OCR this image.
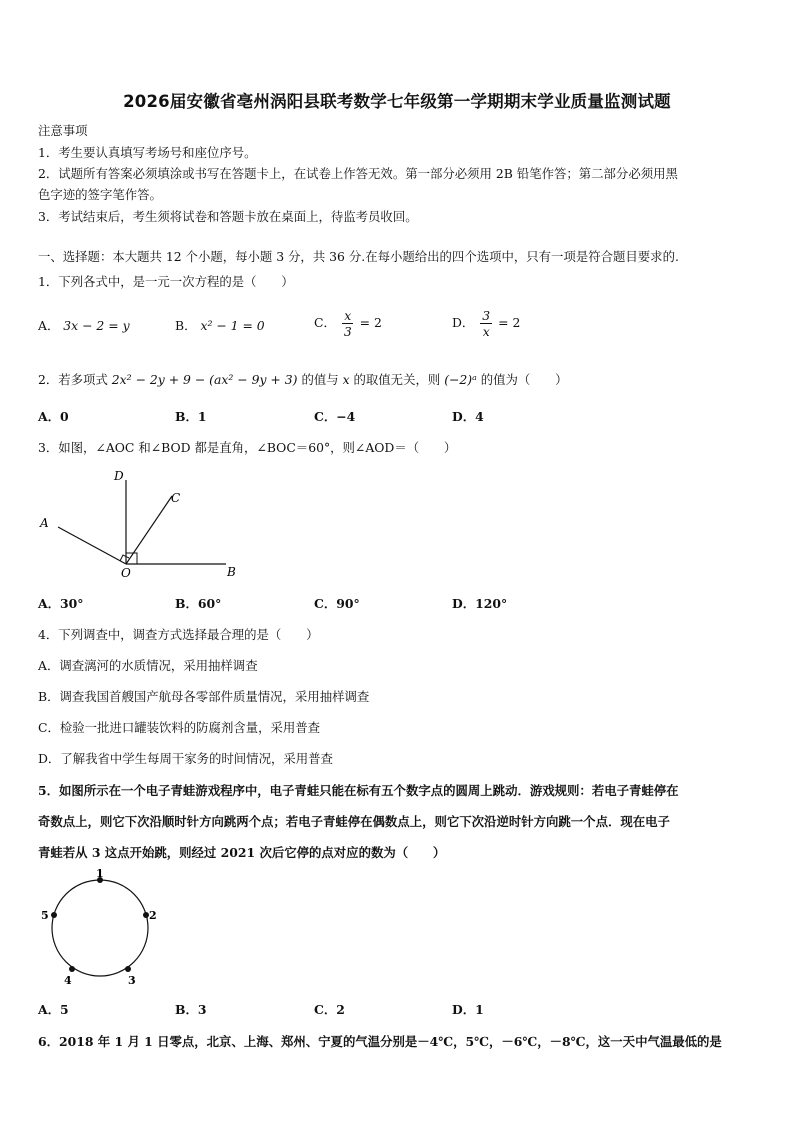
2026届安徽省亳州涡阳县联考数学七年级第一学期期末学业质量监测试题
注意事项
1．考生要认真填写考场号和座位序号。
2．试题所有答案必须填涂或书写在答题卡上，在试卷上作答无效。第一部分必须用 2B 铅笔作答；第二部分必须用黑
色字迹的签字笔作答。
3．考试结束后，考生须将试卷和答题卡放在桌面上，待监考员收回。
一、选择题：本大题共 12 个小题，每小题 3 分，共 36 分.在每小题给出的四个选项中，只有一项是符合题目要求的.
1．下列各式中，是一元一次方程的是（　　）
A． 3x − 2 = y	B． x² − 1 = 0	C． $\frac{x}{3} = 2$	D． $\frac{3}{x} = 2$
2．若多项式 2x² − 2y + 9 − (ax² − 9y + 3) 的值与 x 的取值无关，则 (−2)ᵃ 的值为（　　）
A．0	B．1	C．−4	D．4
3．如图，∠AOC 和∠BOD 都是直角，∠BOC＝60°，则∠AOD＝（　　）
D
C
A
O	B
A．30°	B．60°	C．90°	D．120°
4．下列调查中，调查方式选择最合理的是（　　）
A．调查漓河的水质情况，采用抽样调查
B．调查我国首艘国产航母各零部件质量情况，采用抽样调查
C．检验一批进口罐装饮料的防腐剂含量，采用普查
D．了解我省中学生每周干家务的时间情况，采用普查
5．如图所示在一个电子青蛙游戏程序中，电子青蛙只能在标有五个数字点的圆周上跳动．游戏规则：若电子青蛙停在
奇数点上，则它下次沿顺时针方向跳两个点；若电子青蛙停在偶数点上，则它下次沿逆时针方向跳一个点．现在电子
青蛙若从 3 这点开始跳，则经过 2021 次后它停的点对应的数为（　　）
1
2
3
4
5
A．5	B．3	C．2	D．1
6．2018 年 1 月 1 日零点，北京、上海、郑州、宁夏的气温分别是－4℃，5℃，－6℃，－8℃，这一天中气温最低的是
